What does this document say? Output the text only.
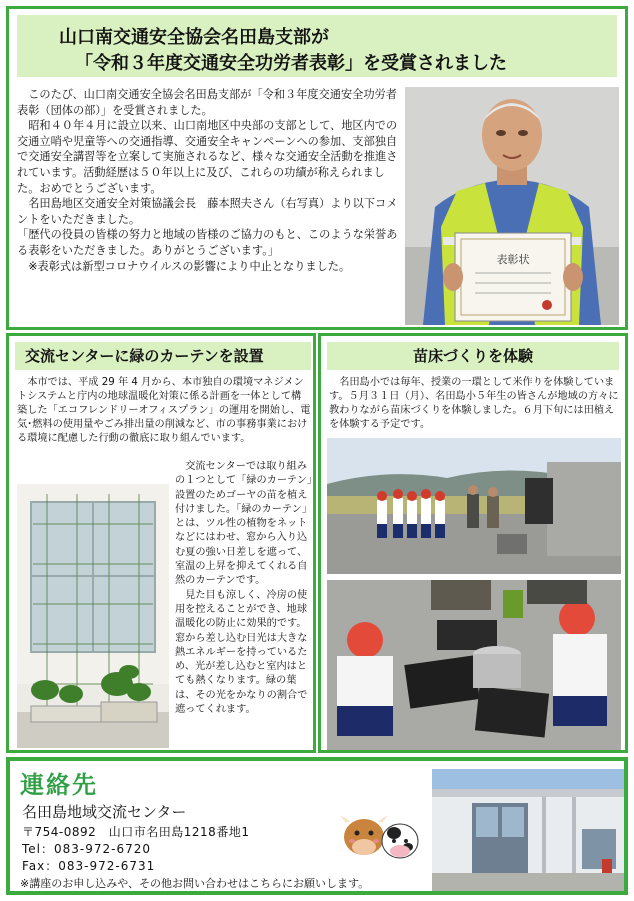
山口南交通安全協会名田島支部が
「令和３年度交通安全功労者表彰」を受賞されました

このたび、山口南交通安全協会名田島支部が「令和３年度交通安全功労者表彰（団体の部）」を受賞されました。

昭和４０年４月に設立以来、山口南地区中央部の支部として、地区内での交通立哨や児童等への交通指導、交通安全キャンペーンへの参加、支部独自で交通安全講習等を立案して実施されるなど、様々な交通安全活動を推進されています。活動経歴は５０年以上に及び、これらの功績が称えられました。おめでとうございます。

名田島地区交通安全対策協議会長　藤本照夫さん（右写真）より以下コメントをいただきました。

「歴代の役員の皆様の努力と地域の皆様のご協力のもと、このような栄誉ある表彰をいただきました。ありがとうございます。」

※表彰式は新型コロナウイルスの影響により中止となりました。

表彰状
交流センターに緑のカーテンを設置

本市では、平成 29 年 4 月から、本市独自の環境マネジメントシステムと庁内の地球温暖化対策に係る計画を一体として構築した「エコフレンドリーオフィスプラン」の運用を開始し、電気･燃料の使用量やごみ排出量の削減など、市の事務事業における環境に配慮した行動の徹底に取り組んでいます。

交流センターでは取り組みの１つとして「緑のカーテン」設置のためゴーヤの苗を植え付けました。「緑のカーテン」とは、ツル性の植物をネットなどにはわせ、窓から入り込む夏の強い日差しを遮って、室温の上昇を抑えてくれる自然のカーテンです。

見た目も涼しく、冷房の使用を控えることができ、地球温暖化の防止に効果的です。窓から差し込む日光は大きな熱エネルギーを持っているため、光が差し込むと室内はとても熱くなります。緑の葉は、その光をかなりの割合で遮ってくれます。

苗床づくりを体験

名田島小では毎年、授業の一環として米作りを体験しています。５月３１日（月）、名田島小５年生の皆さんが地域の方々に教わりながら苗床づくりを体験しました。６月下旬には田植えを体験する予定です。

連絡先
名田島地域交流センター
〒754-0892　山口市名田島1218番地1
Tel：083-972-6720
Fax：083-972-6731
※講座のお申し込みや、その他お問い合わせはこちらにお願いします。
